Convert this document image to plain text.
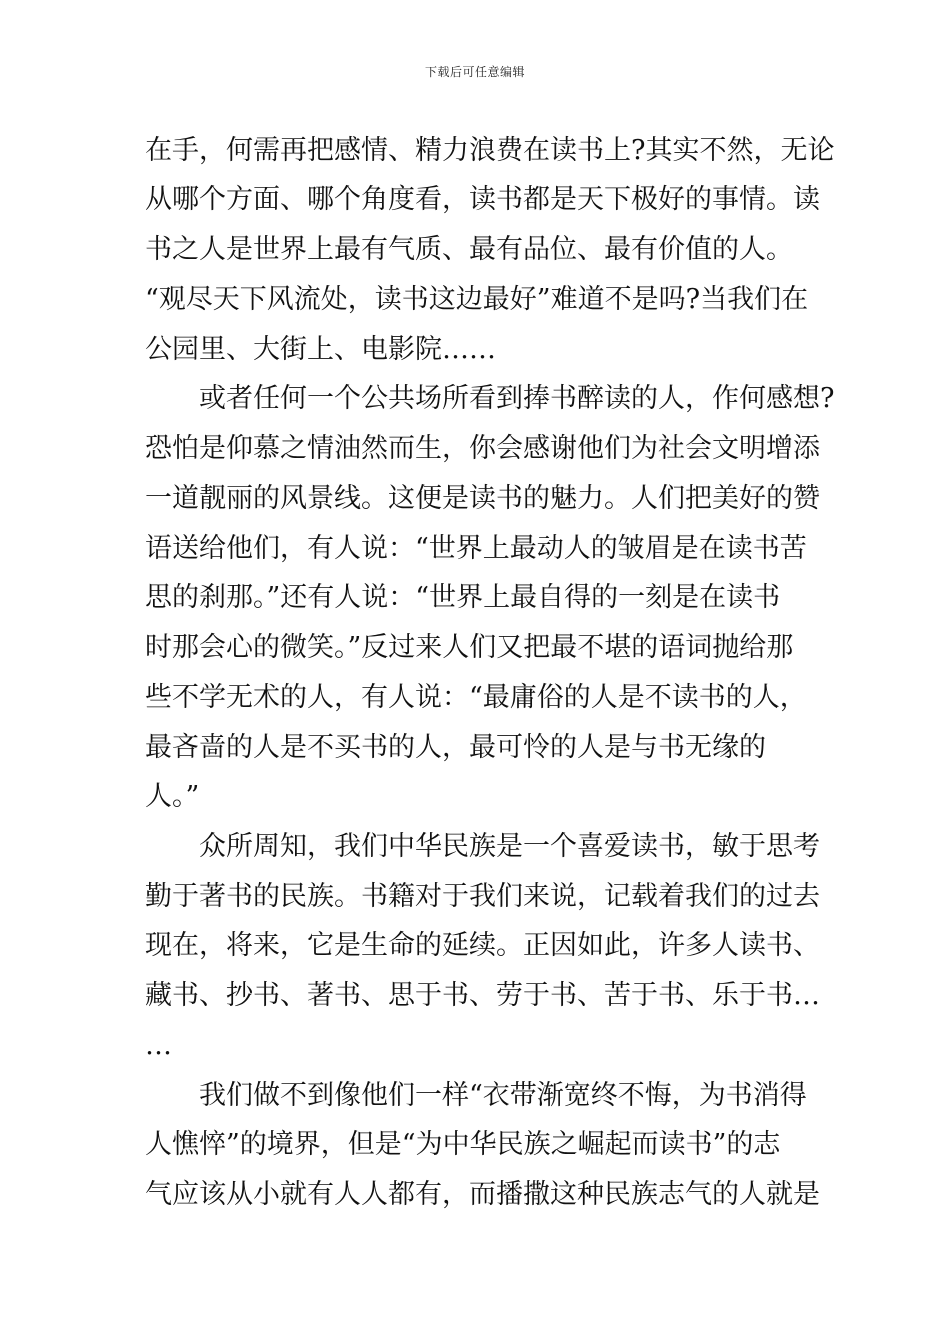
下载后可任意编辑
在手，何需再把感情、精力浪费在读书上?其实不然，无论
从哪个方面、哪个角度看，读书都是天下极好的事情。读
书之人是世界上最有气质、最有品位、最有价值的人。
“观尽天下风流处，读书这边最好”难道不是吗?当我们在
公园里、大街上、电影院……
或者任何一个公共场所看到捧书醉读的人，作何感想?
恐怕是仰慕之情油然而生，你会感谢他们为社会文明增添
一道靓丽的风景线。这便是读书的魅力。人们把美好的赞
语送给他们，有人说：“世界上最动人的皱眉是在读书苦
思的刹那。”还有人说：“世界上最自得的一刻是在读书
时那会心的微笑。”反过来人们又把最不堪的语词抛给那
些不学无术的人，有人说：“最庸俗的人是不读书的人，
最吝啬的人是不买书的人，最可怜的人是与书无缘的
人。”
众所周知，我们中华民族是一个喜爱读书，敏于思考
勤于著书的民族。书籍对于我们来说，记载着我们的过去
现在，将来，它是生命的延续。正因如此，许多人读书、
藏书、抄书、著书、思于书、劳于书、苦于书、乐于书…
…
我们做不到像他们一样“衣带渐宽终不悔，为书消得
人憔悴”的境界，但是“为中华民族之崛起而读书”的志
气应该从小就有人人都有，而播撒这种民族志气的人就是
